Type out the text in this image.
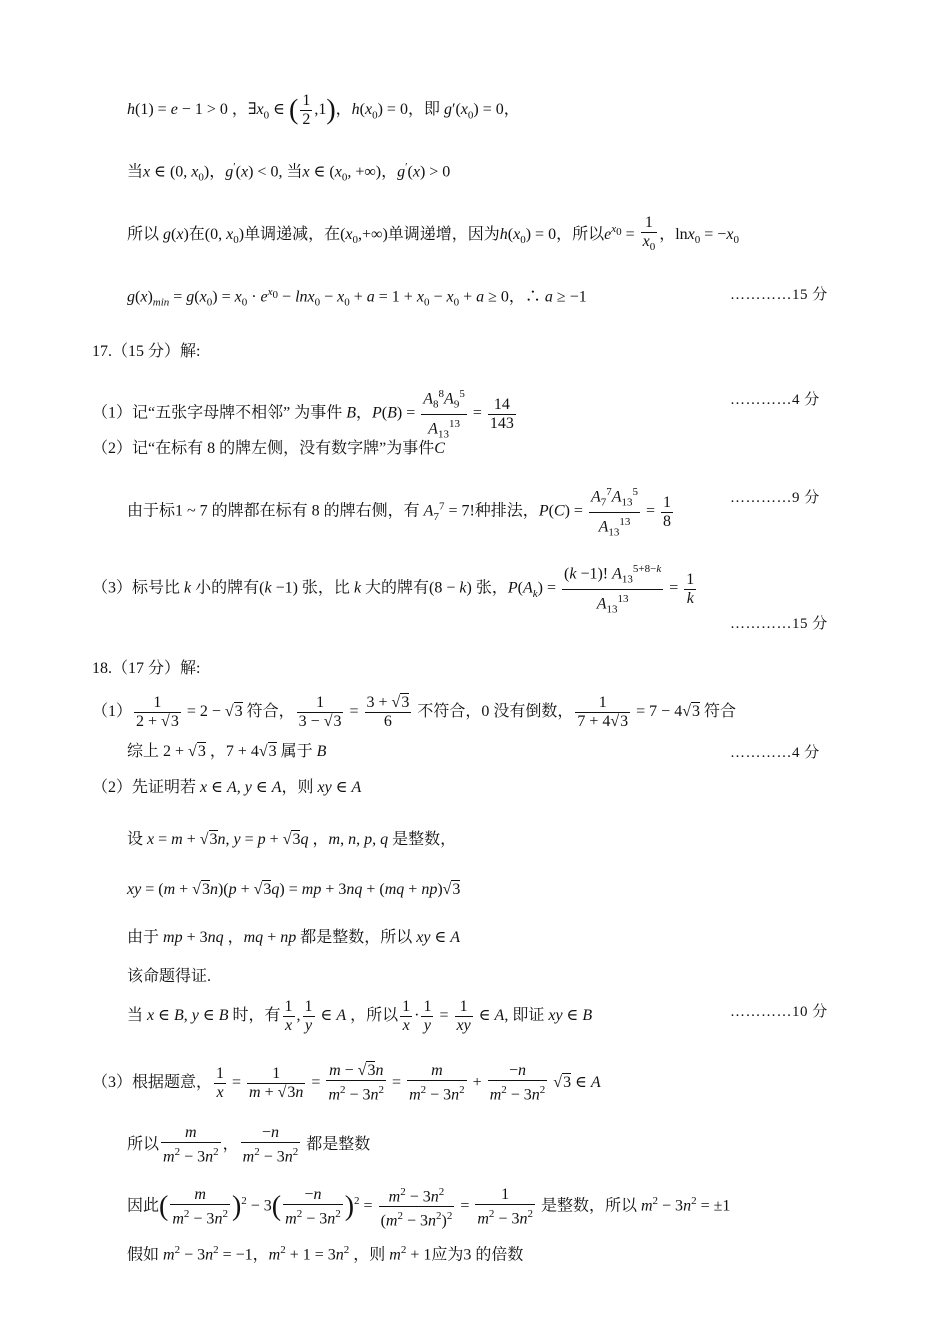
h(1) = e − 1 > 0 ，$\exists x_0$ ∈ ( $\frac{1}{2} ,1$)，$h(x_0) = 0$，即 $g'(x_0) = 0$，
当x ∈ (0, $x_0$)，g′(x) < 0, 当x ∈ ($x_0$, +∞)，g′(x) > 0
所以 g(x)在(0, $x_0$)单调递减，在$(x_0,+\infty)$单调递增，因为$h(x_0) = 0$，所以$e^{x_0} = \frac{1}{x_0}$ ，$\ln x_0 = -x_0$
$g(x)_{min} = g(x_0) = x_0 \cdot e^{x_0} - \ln x_0 - x_0 + a = 1 + x_0 - x_0 + a \ge 0$，∴ a ≥ −1	…………15 分
17.（15 分）解:
（1）记“五张字母牌不相邻” 为事件 B，$P(B) = \frac{A_8^8A_9^5}{A_{13}^{13}} = \frac{14}{143}$	…………4 分
（2）记“在标有 8 的牌左侧，没有数字牌”为事件C
由于标1 ~ 7 的牌都在标有 8 的牌右侧，有 $A_7^7 = 7$!种排法，$P(C) = \frac{A_7^7A_{13}^5}{A_{13}^{13}} = \frac{1}{8}$	…………9 分
（3）标号比 k 小的牌有(k −1) 张，比 k 大的牌有(8 − k) 张，$P(A_k) = \frac{(k -1)! A_{13}^{5+8-k}}{A_{13}^{13}} = \frac{1}{k}$
…………15 分
18.（17 分）解:
$(1) \frac{1}{2 + √3} = 2 - √3$ 符合， $\frac{1}{3 - √3} = \frac{3 + √3}{6}$ 不符合，0 没有倒数， $\frac{1}{7 + 4√3} = 7 - 4√3$ 符合
综上 2 + √3 ，7 + 4√3 属于 B	…………4 分
（2）先证明若 x ∈ A, y ∈ A，则 xy ∈ A
设 x = m + √3n, y = p + √3q ，m, n, p, q 是整数，
xy = (m + √3n)(p + √3q) = mp + 3nq + (mq + np)√3
由于 mp + 3nq ，mq + np 都是整数，所以 xy ∈ A
该命题得证.
当 x ∈ B, y ∈ B 时，有 $\frac{1}{x}$ , $\frac{1}{y}$ ∈ A ，所以 $\frac{1}{x} \cdot \frac{1}{y} = \frac{1}{xy}$ ∈ A, 即证 xy ∈ B	…………10 分
（3）根据题意， $\frac{1}{x} = \frac{1}{m + √3n} = \frac{m - √3n}{m^2 - 3n^2} = \frac{m}{m^2 - 3n^2} + \frac{-n}{m^2 - 3n^2} √3$ ∈ A
所以 $\frac{m}{m^2 - 3n^2}$ ， $\frac{-n}{m^2 - 3n^2}$ 都是整数
因此( $\frac{m}{m^2 - 3n^2} )^2 - 3( \frac{-n}{m^2 - 3n^2} )^2 = \frac{m^2 - 3n^2}{(m^2 - 3n^2)^2} = \frac{1}{m^2 - 3n^2}$ 是整数，所以 $m^2 - 3n^2 = \pm 1$
假如 $m^2 - 3n^2 = -1$，$m^2 + 1 = 3n^2$ ，则 $m^2 + 1$应为3 的倍数
